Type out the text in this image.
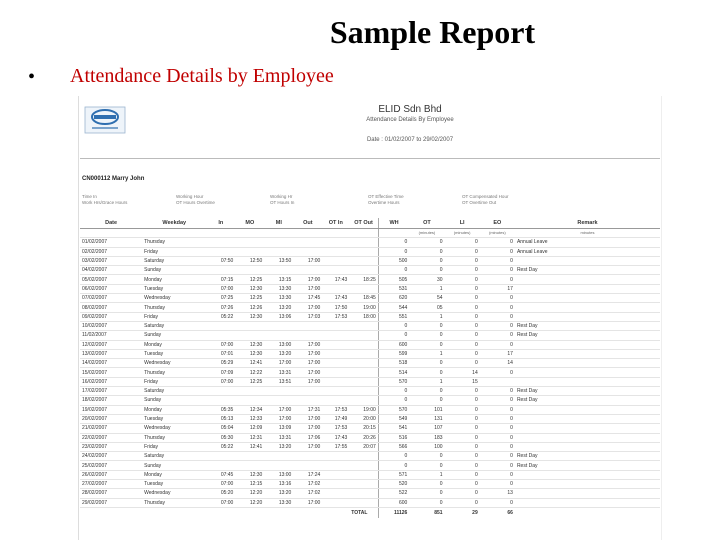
Sample Report
• Attendance Details by Employee
ELID Sdn Bhd
Attendance Details By Employee
Date : 01/02/2007 to 29/02/2007
CN000112 Marry John
Time In
Work Hrs/Grace Hours
Working Hour
OT Hours Overtime
Working Hr
OT Hours In
OT Effective Time
Overtime Hours
OT Compensated Hour
OT Overtime Out
Date	Weekday	In	MO	MI	Out	OT In	OT Out	WH	OT	LI	EO	Remark
									(minutes)	(minutes)	(minutes)	minutes
01/02/2007	Thursday							0	0	0	0	Annual Leave
02/02/2007	Friday							0	0	0	0	Annual Leave
03/02/2007	Saturday	07:50	12:50	13:50	17:00			500	0	0	0	
04/02/2007	Sunday							0	0	0	0	Rest Day
05/02/2007	Monday	07:15	12:25	13:15	17:00	17:43	18:25	505	30	0	0	
06/02/2007	Tuesday	07:00	12:30	13:30	17:00			531	1	0	17	
07/02/2007	Wednesday	07:25	12:25	13:30	17:45	17:43	18:45	620	54	0	0	
08/02/2007	Thursday	07:26	12:26	13:20	17:00	17:50	19:00	544	05	0	0	
09/02/2007	Friday	05:22	12:30	13:06	17:03	17:53	18:00	551	1	0	0	
10/02/2007	Saturday							0	0	0	0	Rest Day
11/02/2007	Sunday							0	0	0	0	Rest Day
12/02/2007	Monday	07:00	12:30	13:00	17:00			600	0	0	0	
13/02/2007	Tuesday	07:01	12:30	13:20	17:00			599	1	0	17	
14/02/2007	Wednesday	05:29	12:41	17:00	17:00			518	0	0	14	
15/02/2007	Thursday	07:09	12:22	13:31	17:00			514	0	14	0	
16/02/2007	Friday	07:00	12:25	13:51	17:00			570	1	15		
17/02/2007	Saturday							0	0	0	0	Rest Day
18/02/2007	Sunday							0	0	0	0	Rest Day
19/02/2007	Monday	05:35	12:34	17:00	17:31	17:53	19:00	570	101	0	0	
20/02/2007	Tuesday	05:13	12:33	17:00	17:00	17:49	20:00	549	131	0	0	
21/02/2007	Wednesday	05:04	12:09	13:09	17:00	17:53	20:15	541	107	0	0	
22/02/2007	Thursday	05:30	12:31	13:31	17:06	17:43	20:26	516	183	0	0	
23/02/2007	Friday	05:22	12:41	13:20	17:00	17:55	20:07	566	100	0	0	
24/02/2007	Saturday							0	0	0	0	Rest Day
25/02/2007	Sunday							0	0	0	0	Rest Day
26/02/2007	Monday	07:45	12:30	13:00	17:24			571	1	0	0	
27/02/2007	Tuesday	07:00	12:15	13:16	17:02			520	0	0	0	
28/02/2007	Wednesday	05:20	12:20	13:20	17:02			522	0	0	13	
29/02/2007	Thursday	07:00	12:20	13:30	17:00			600	0	0	0	
							TOTAL	11126	851	29	66	
